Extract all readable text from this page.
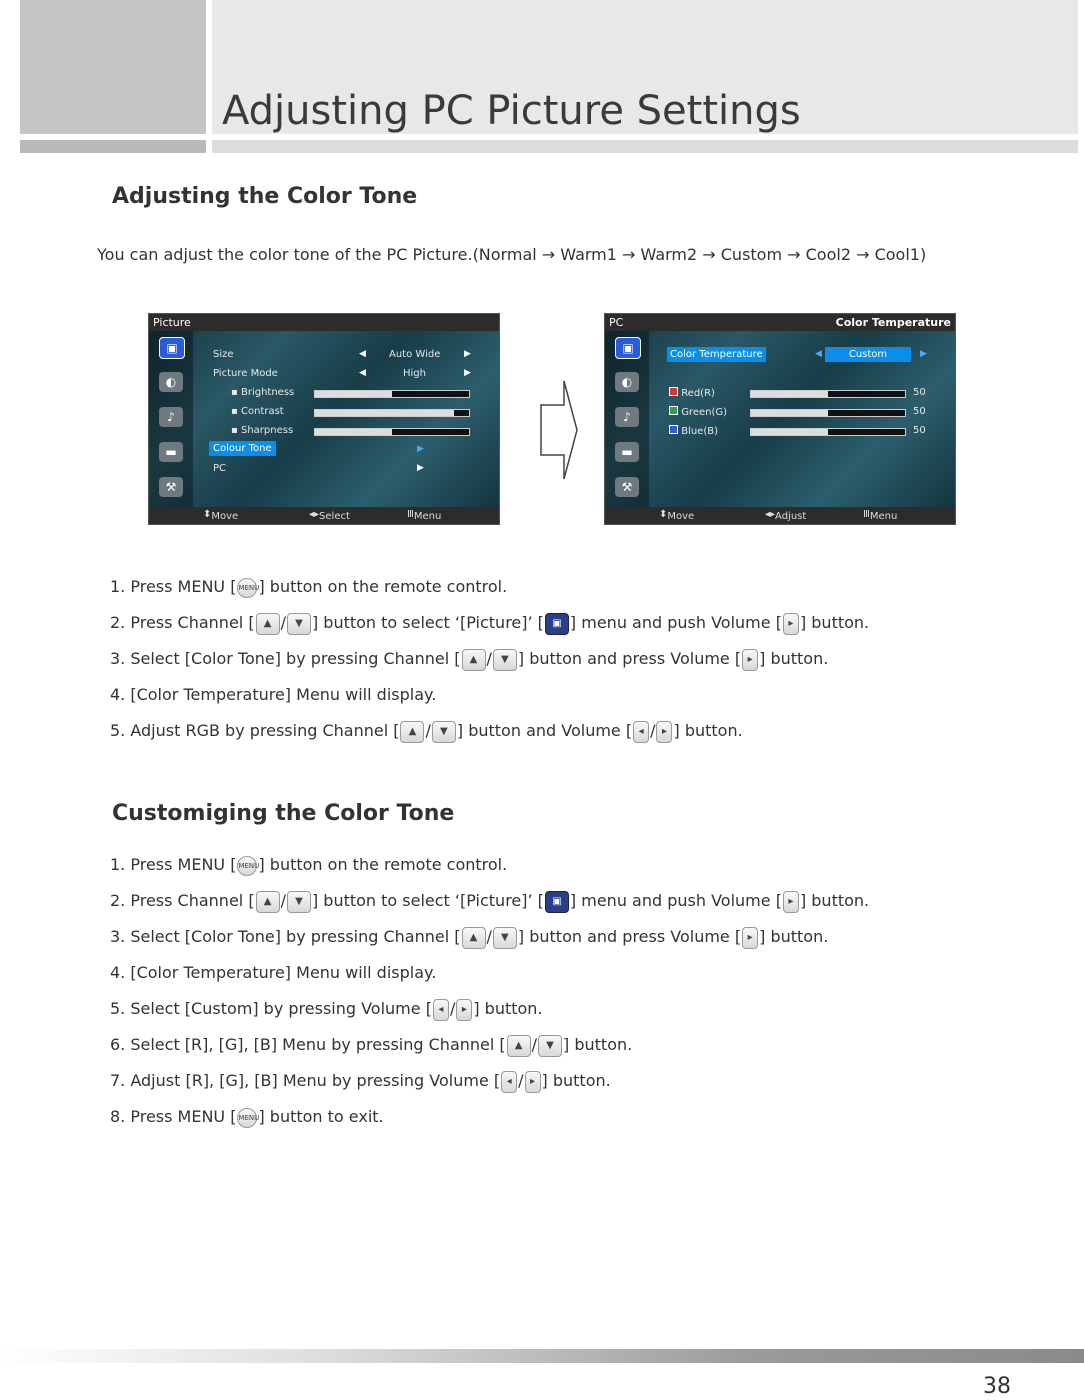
Adjusting PC Picture Settings
Adjusting the Color Tone
You can adjust the color tone of the PC Picture.(Normal → Warm1 → Warm2 → Custom → Cool2 → Cool1)
Picture
▣
◐
♪
▬
⚒
Size	◀ Auto Wide	▶
Picture Mode	◀	High	▶
▪ Brightness
▪ Contrast
▪ Sharpness
Colour Tone	▶
PC	▶
⬍ Move	◂▸ Select	Ⅲ Menu
PC	Color Temperature
▣
◐
♪
▬
⚒
Color Temperature	◀	Custom	▶
Red(R)	50
Green(G)	50
Blue(B)	50
⬍ Move	◂▸ Adjust	Ⅲ Menu
1. Press MENU [ MENU] button on the remote control.
2. Press Channel [ ▲ / ▼ ] button to select ‘[Picture]’ [ ▣ ] menu and push Volume [ ▸ ] button.
3. Select [Color Tone] by pressing Channel [ ▲ / ▼ ] button and press Volume [ ▸ ] button.
4. [Color Temperature] Menu will display.
5. Adjust RGB by pressing Channel [ ▲ / ▼ ] button and Volume [ ◂ / ▸ ] button.
Customiging the Color Tone
1. Press MENU [ MENU] button on the remote control.
2. Press Channel [ ▲ / ▼ ] button to select ‘[Picture]’ [ ▣ ] menu and push Volume [ ▸ ] button.
3. Select [Color Tone] by pressing Channel [ ▲ / ▼ ] button and press Volume [ ▸ ] button.
4. [Color Temperature] Menu will display.
5. Select [Custom] by pressing Volume [ ◂ / ▸ ] button.
6. Select [R], [G], [B] Menu by pressing Channel [ ▲ / ▼ ] button.
7. Adjust [R], [G], [B] Menu by pressing Volume [ ◂ / ▸ ] button.
8. Press MENU [ MENU] button to exit.
38
